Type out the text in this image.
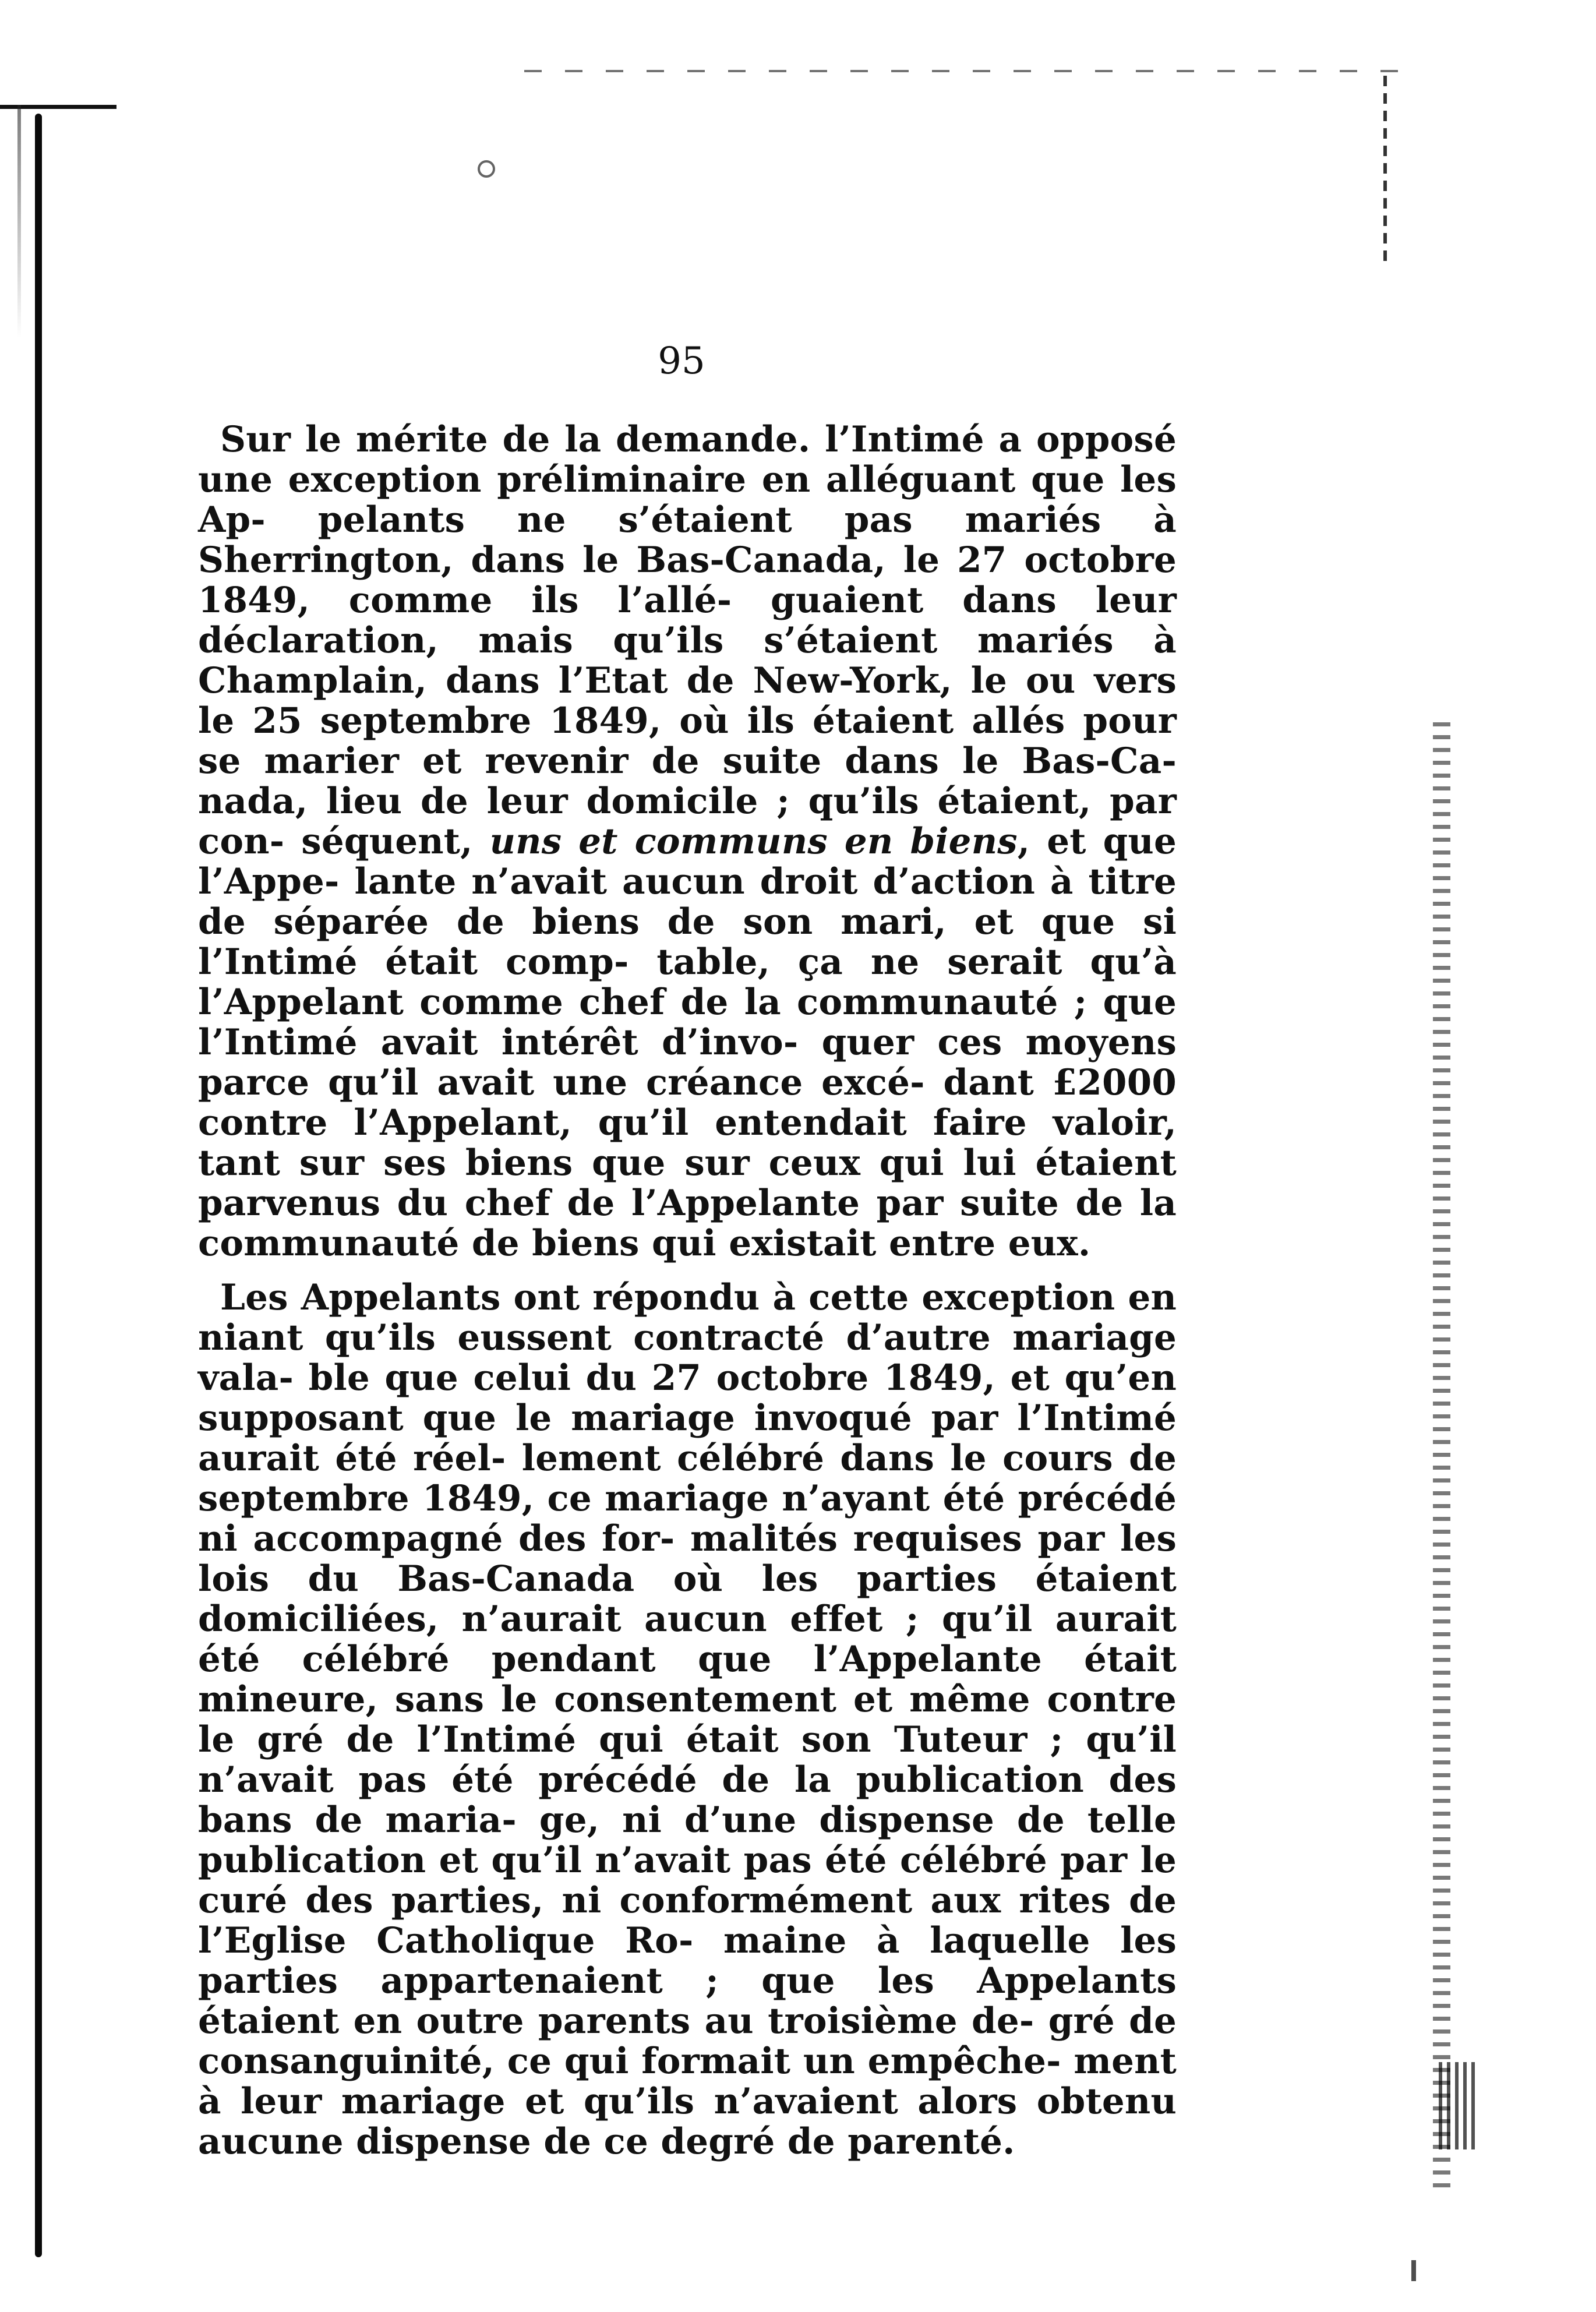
95

Sur le mérite de la demande. l’Intimé a opposé une exception préliminaire en alléguant que les Ap- pelants ne s’étaient pas mariés à Sherrington, dans le Bas-Canada, le 27 octobre 1849, comme ils l’allé- guaient dans leur déclaration, mais qu’ils s’étaient mariés à Champlain, dans l’Etat de New-York, le ou vers le 25 septembre 1849, où ils étaient allés pour se marier et revenir de suite dans le Bas-Ca- nada, lieu de leur domicile ; qu’ils étaient, par con- séquent, uns et communs en biens, et que l’Appe- lante n’avait aucun droit d’action à titre de séparée de biens de son mari, et que si l’Intimé était comp- table, ça ne serait qu’à l’Appelant comme chef de la communauté ; que l’Intimé avait intérêt d’invo- quer ces moyens parce qu’il avait une créance excé- dant £2000 contre l’Appelant, qu’il entendait faire valoir, tant sur ses biens que sur ceux qui lui étaient parvenus du chef de l’Appelante par suite de la communauté de biens qui existait entre eux.

Les Appelants ont répondu à cette exception en niant qu’ils eussent contracté d’autre mariage vala- ble que celui du 27 octobre 1849, et qu’en supposant que le mariage invoqué par l’Intimé aurait été réel- lement célébré dans le cours de septembre 1849, ce mariage n’ayant été précédé ni accompagné des for- malités requises par les lois du Bas-Canada où les parties étaient domiciliées, n’aurait aucun effet ; qu’il aurait été célébré pendant que l’Appelante était mineure, sans le consentement et même contre le gré de l’Intimé qui était son Tuteur ; qu’il n’avait pas été précédé de la publication des bans de maria- ge, ni d’une dispense de telle publication et qu’il n’avait pas été célébré par le curé des parties, ni conformément aux rites de l’Eglise Catholique Ro- maine à laquelle les parties appartenaient ; que les Appelants étaient en outre parents au troisième de- gré de consanguinité, ce qui formait un empêche- ment à leur mariage et qu’ils n’avaient alors obtenu aucune dispense de ce degré de parenté.
